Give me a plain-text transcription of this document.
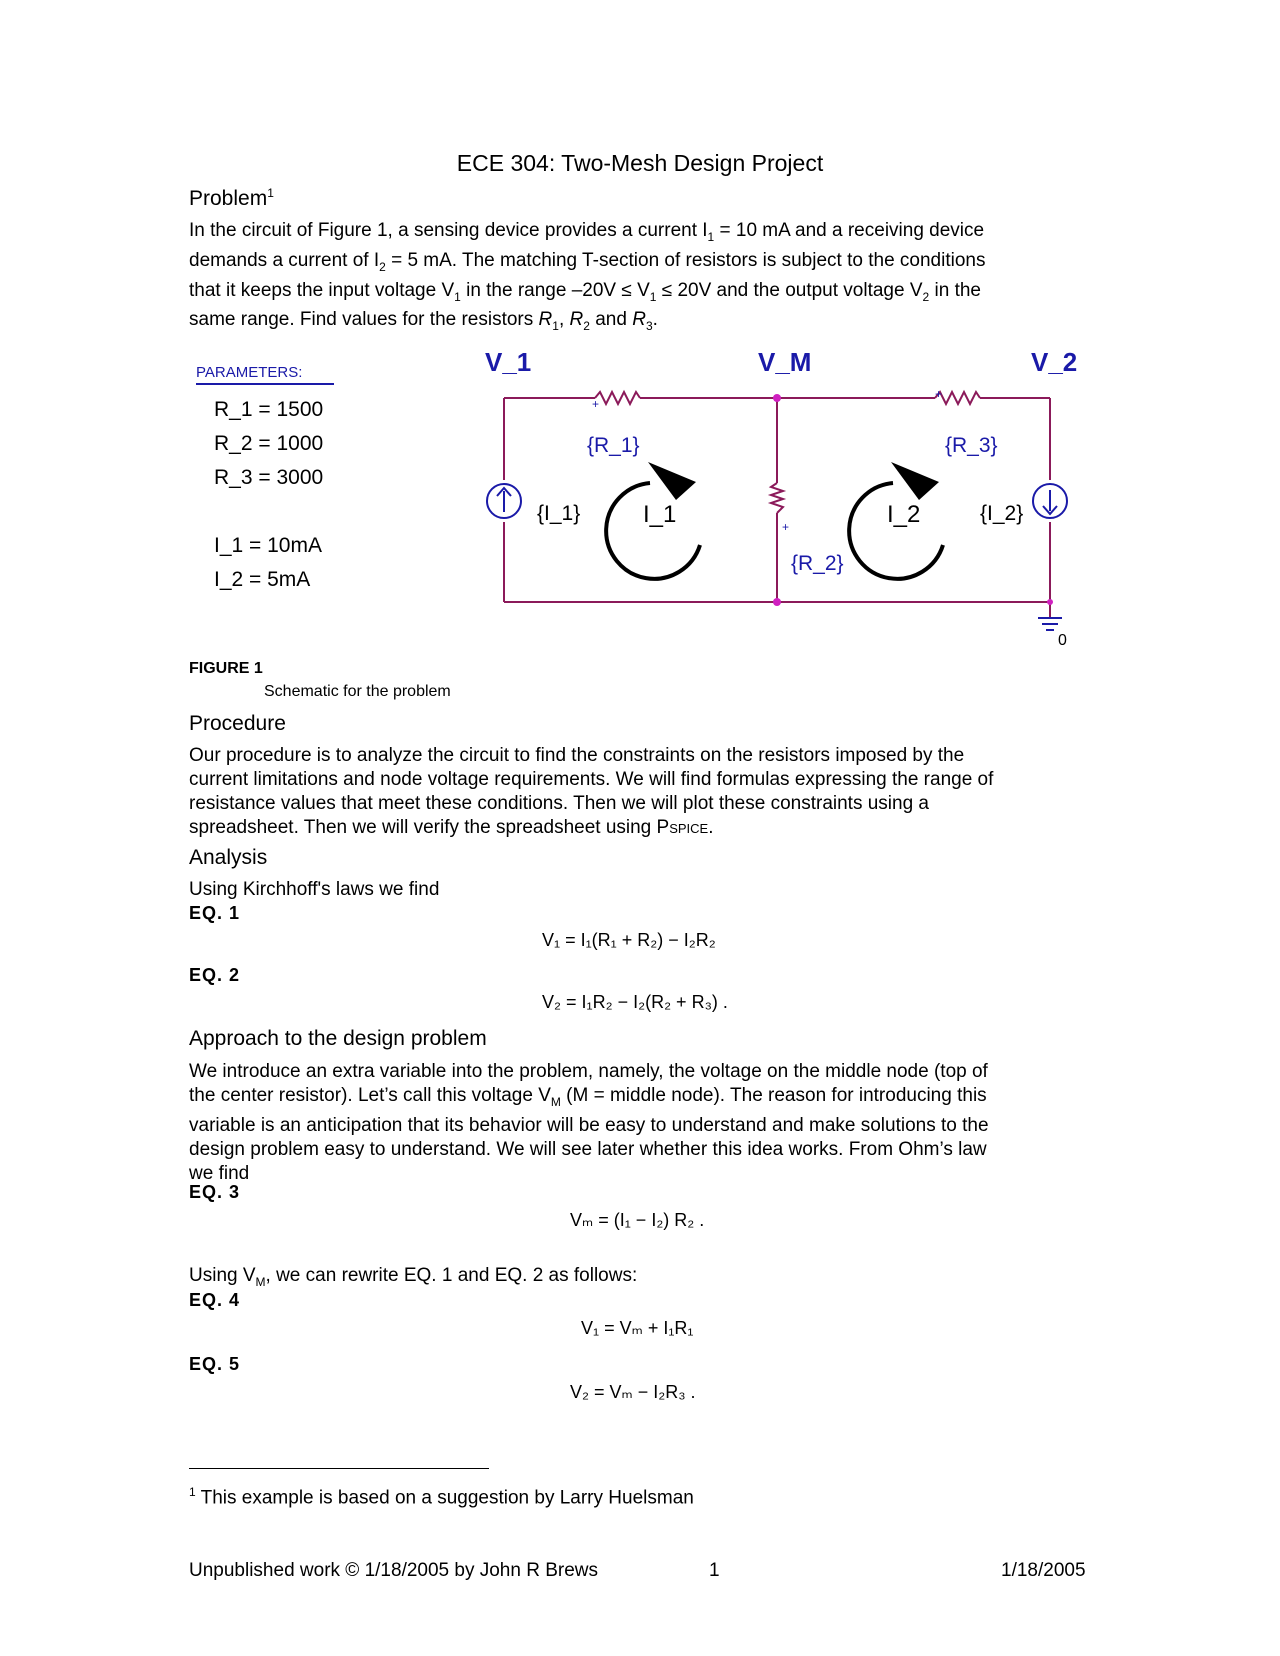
ECE 304: Two-Mesh Design Project
Problem$^1$
In the circuit of Figure 1, a sensing device provides a current $I_1 = 10$ mA and a receiving device
demands a current of $I_2 = 5$ mA. The matching T-section of resistors is subject to the conditions
that it keeps the input voltage $V_1$ in the range $-20V \le V_1 \le 20V$ and the output voltage $V_2$ in the
same range. Find values for the resistors $R_1$, $R_2$ and $R_3$.
PARAMETERS:
R_1 = 1500
R_2 = 1000
R_3 = 3000
I_1 = 10mA
I_2 = 5mA
+
+
+
V_1	V_M	V_2
{R_1}	{R_3}
{R_2}
{I_1}	{I_2}
I_1	I_2
0
FIGURE 1
Schematic for the problem
Procedure
Our procedure is to analyze the circuit to find the constraints on the resistors imposed by the
current limitations and node voltage requirements. We will find formulas expressing the range of
resistance values that meet these conditions. Then we will plot these constraints using a
spreadsheet. Then we will verify the spreadsheet using PSPICE.
Analysis
Using Kirchhoff's laws we find
EQ. 1
V₁ = I₁(R₁ + R₂) − I₂R₂
EQ. 2
V₂ = I₁R₂ − I₂(R₂ + R₃) .
Approach to the design problem
We introduce an extra variable into the problem, namely, the voltage on the middle node (top of
the center resistor). Let’s call this voltage $V_M$ (M = middle node). The reason for introducing this
variable is an anticipation that its behavior will be easy to understand and make solutions to the
design problem easy to understand. We will see later whether this idea works. From Ohm’s law
we find
EQ. 3
Vₘ = (I₁ − I₂) R₂ .
Using $V_M$, we can rewrite EQ. 1 and EQ. 2 as follows:
EQ. 4
V₁ = Vₘ + I₁R₁
EQ. 5
V₂ = Vₘ − I₂R₃ .
$^1$ This example is based on a suggestion by Larry Huelsman
Unpublished work © 1/18/2005 by John R Brews	1	1/18/2005
